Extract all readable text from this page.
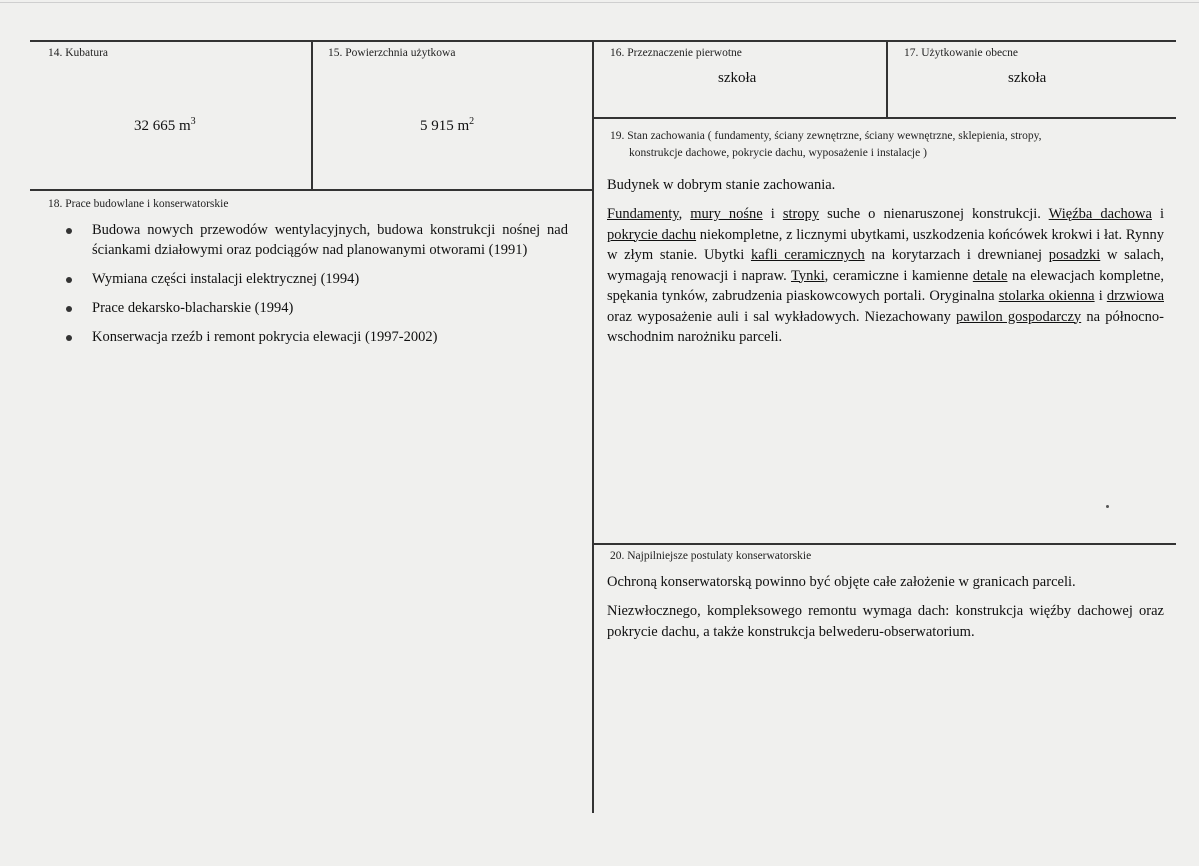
14. Kubatura
32 665 $m^3$
15. Powierzchnia użytkowa
5 915 $m^2$
16. Przeznaczenie pierwotne
szkoła
17. Użytkowanie obecne
szkoła
18. Prace budowlane i konserwatorskie
Budowa nowych przewodów wentylacyjnych, budowa konstrukcji nośnej nad ściankami działowymi oraz podciągów nad planowanymi otworami (1991)
Wymiana części instalacji elektrycznej (1994)
Prace dekarsko-blacharskie (1994)
Konserwacja rzeźb i remont pokrycia elewacji (1997-2002)
19. Stan zachowania ( fundamenty, ściany zewnętrzne, ściany wewnętrzne, sklepienia, stropy,
konstrukcje dachowe, pokrycie dachu, wyposażenie i instalacje )
Budynek w dobrym stanie zachowania.
Fundamenty, mury nośne i stropy suche o nienaruszonej konstrukcji. Więźba dachowa i pokrycie dachu niekompletne, z licznymi ubytkami, uszkodzenia końcówek krokwi i łat. Rynny w złym stanie. Ubytki kafli ceramicznych na korytarzach i drewnianej posadzki w salach, wymagają renowacji i napraw. Tynki, ceramiczne i kamienne detale na elewacjach kompletne, spękania tynków, zabrudzenia piaskowcowych portali. Oryginalna stolarka okienna i drzwiowa oraz wyposażenie auli i sal wykładowych. Niezachowany pawilon gospodarczy na północno-wschodnim narożniku parceli.
20. Najpilniejsze postulaty konserwatorskie
Ochroną konserwatorską powinno być objęte całe założenie w granicach parceli.
Niezwłocznego, kompleksowego remontu wymaga dach: konstrukcja więźby dachowej oraz pokrycie dachu, a także konstrukcja belwederu-obserwatorium.
